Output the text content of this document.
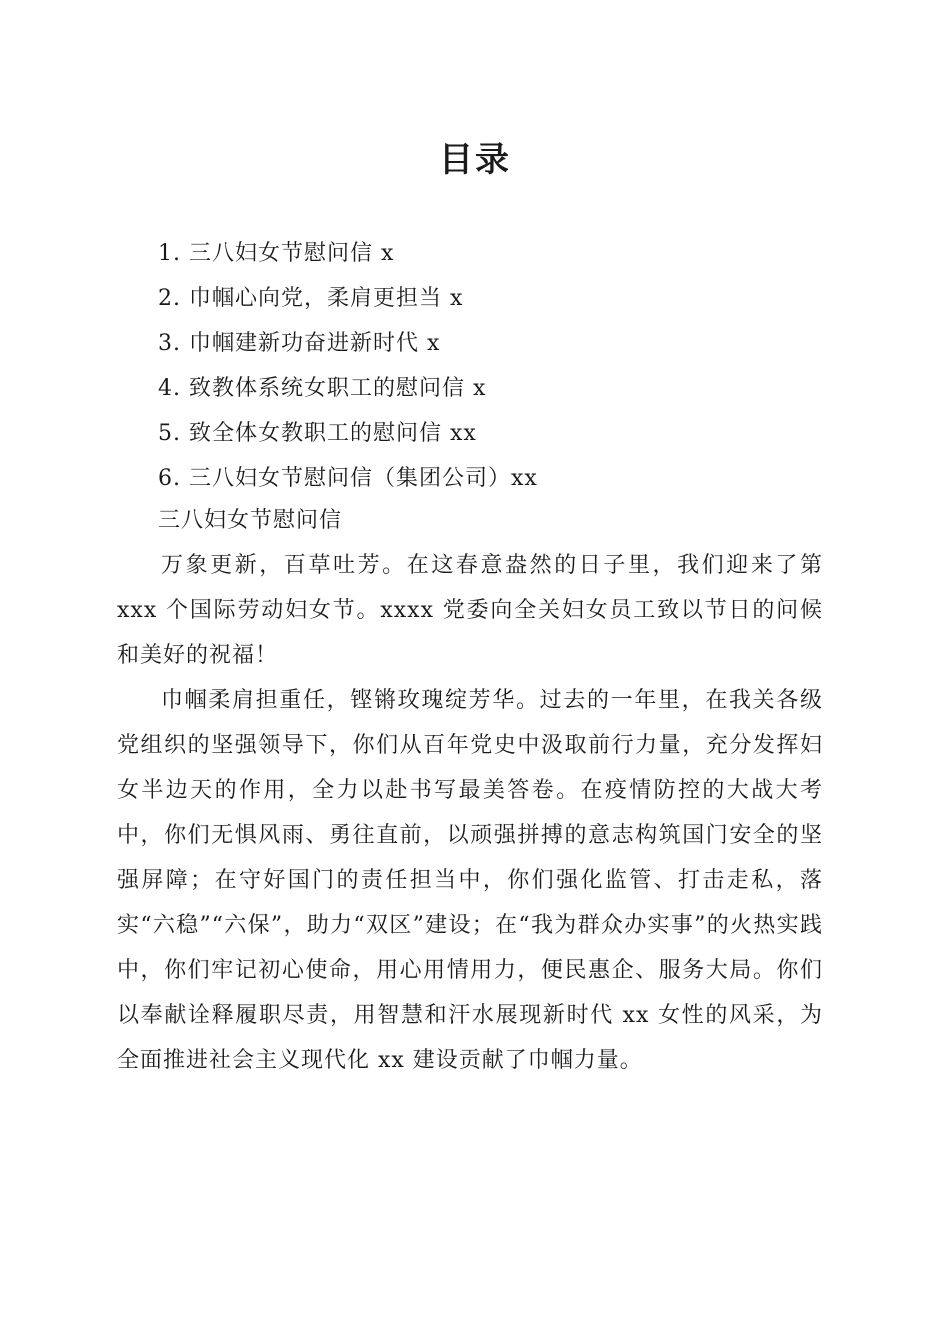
目录
1. 三八妇女节慰问信 x
2. 巾帼心向党，柔肩更担当 x
3. 巾帼建新功奋进新时代 x
4. 致教体系统女职工的慰问信 x
5. 致全体女教职工的慰问信 xx
6. 三八妇女节慰问信（集团公司）xx
三八妇女节慰问信

万象更新，百草吐芳。在这春意盎然的日子里，我们迎来了第 xxx 个国际劳动妇女节。xxxx 党委向全关妇女员工致以节日的问候和美好的祝福！

巾帼柔肩担重任，铿锵玫瑰绽芳华。过去的一年里，在我关各级党组织的坚强领导下，你们从百年党史中汲取前行力量，充分发挥妇女半边天的作用，全力以赴书写最美答卷。在疫情防控的大战大考中，你们无惧风雨、勇往直前，以顽强拼搏的意志构筑国门安全的坚强屏障；在守好国门的责任担当中，你们强化监管、打击走私，落实“六稳”“六保”，助力“双区”建设；在“我为群众办实事”的火热实践中，你们牢记初心使命，用心用情用力，便民惠企、服务大局。你们以奉献诠释履职尽责，用智慧和汗水展现新时代 xx 女性的风采，为全面推进社会主义现代化 xx 建设贡献了巾帼力量。
